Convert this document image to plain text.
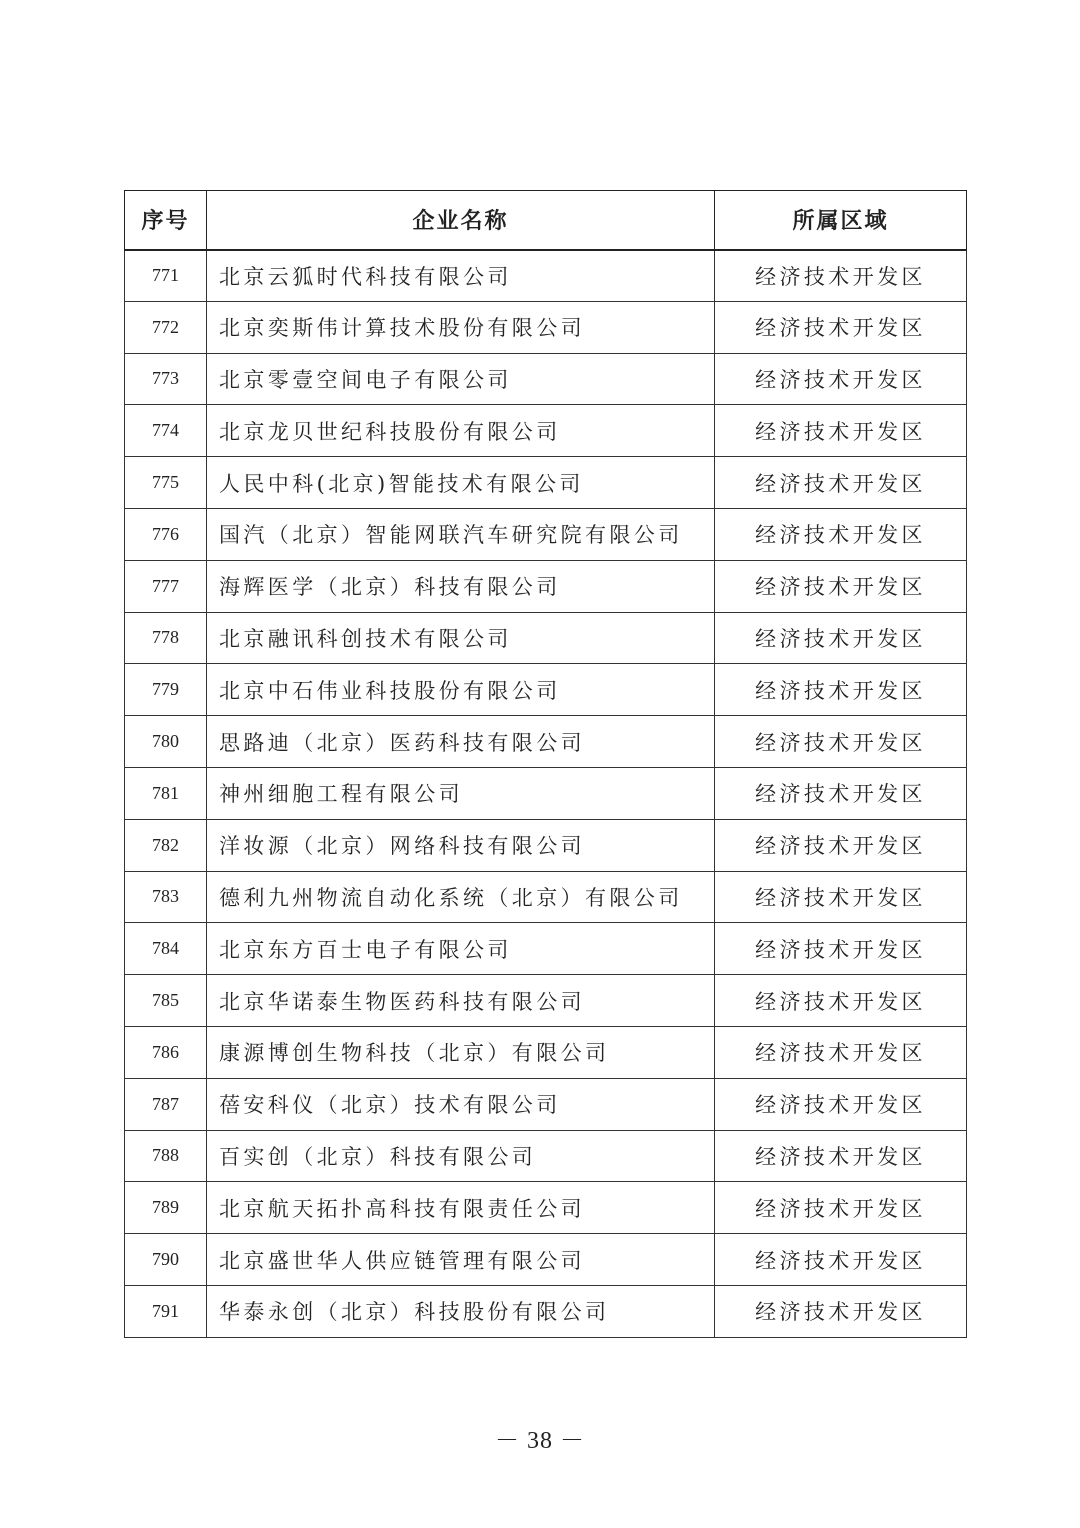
序号	企业名称	所属区域
771	北京云狐时代科技有限公司	经济技术开发区
772	北京奕斯伟计算技术股份有限公司	经济技术开发区
773	北京零壹空间电子有限公司	经济技术开发区
774	北京龙贝世纪科技股份有限公司	经济技术开发区
775	人民中科(北京)智能技术有限公司	经济技术开发区
776	国汽（北京）智能网联汽车研究院有限公司	经济技术开发区
777	海辉医学（北京）科技有限公司	经济技术开发区
778	北京融讯科创技术有限公司	经济技术开发区
779	北京中石伟业科技股份有限公司	经济技术开发区
780	思路迪（北京）医药科技有限公司	经济技术开发区
781	神州细胞工程有限公司	经济技术开发区
782	洋妆源（北京）网络科技有限公司	经济技术开发区
783	德利九州物流自动化系统（北京）有限公司	经济技术开发区
784	北京东方百士电子有限公司	经济技术开发区
785	北京华诺泰生物医药科技有限公司	经济技术开发区
786	康源博创生物科技（北京）有限公司	经济技术开发区
787	蓓安科仪（北京）技术有限公司	经济技术开发区
788	百实创（北京）科技有限公司	经济技术开发区
789	北京航天拓扑高科技有限责任公司	经济技术开发区
790	北京盛世华人供应链管理有限公司	经济技术开发区
791	华泰永创（北京）科技股份有限公司	经济技术开发区
－ 38 －
